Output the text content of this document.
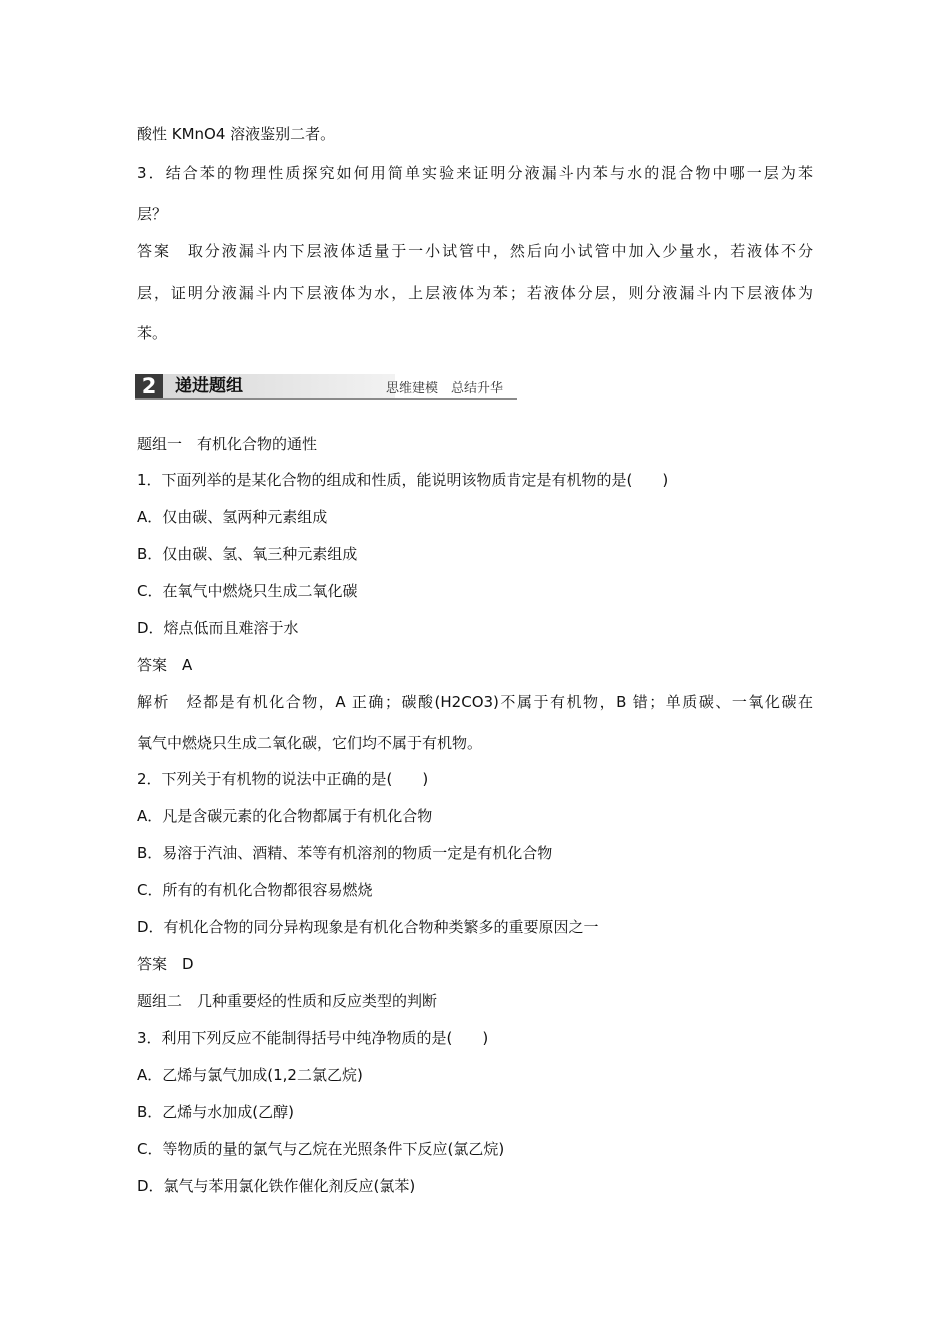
酸性 KMnO4 溶液鉴别二者。
3．结合苯的物理性质探究如何用简单实验来证明分液漏斗内苯与水的混合物中哪一层为苯
层？
答案　取分液漏斗内下层液体适量于一小试管中，然后向小试管中加入少量水，若液体不分
层，证明分液漏斗内下层液体为水，上层液体为苯；若液体分层，则分液漏斗内下层液体为
苯。
2	递进题组	思维建模　总结升华
题组一　有机化合物的通性
1．下面列举的是某化合物的组成和性质，能说明该物质肯定是有机物的是(　　)
A．仅由碳、氢两种元素组成
B．仅由碳、氢、氧三种元素组成
C．在氧气中燃烧只生成二氧化碳
D．熔点低而且难溶于水
答案　A
解析　烃都是有机化合物，A 正确；碳酸(H2CO3)不属于有机物，B 错；单质碳、一氧化碳在
氧气中燃烧只生成二氧化碳，它们均不属于有机物。
2．下列关于有机物的说法中正确的是(　　)
A．凡是含碳元素的化合物都属于有机化合物
B．易溶于汽油、酒精、苯等有机溶剂的物质一定是有机化合物
C．所有的有机化合物都很容易燃烧
D．有机化合物的同分异构现象是有机化合物种类繁多的重要原因之一
答案　D
题组二　几种重要烃的性质和反应类型的判断
3．利用下列反应不能制得括号中纯净物质的是(　　)
A．乙烯与氯气加成(1,2二氯乙烷)
B．乙烯与水加成(乙醇)
C．等物质的量的氯气与乙烷在光照条件下反应(氯乙烷)
D．氯气与苯用氯化铁作催化剂反应(氯苯)
